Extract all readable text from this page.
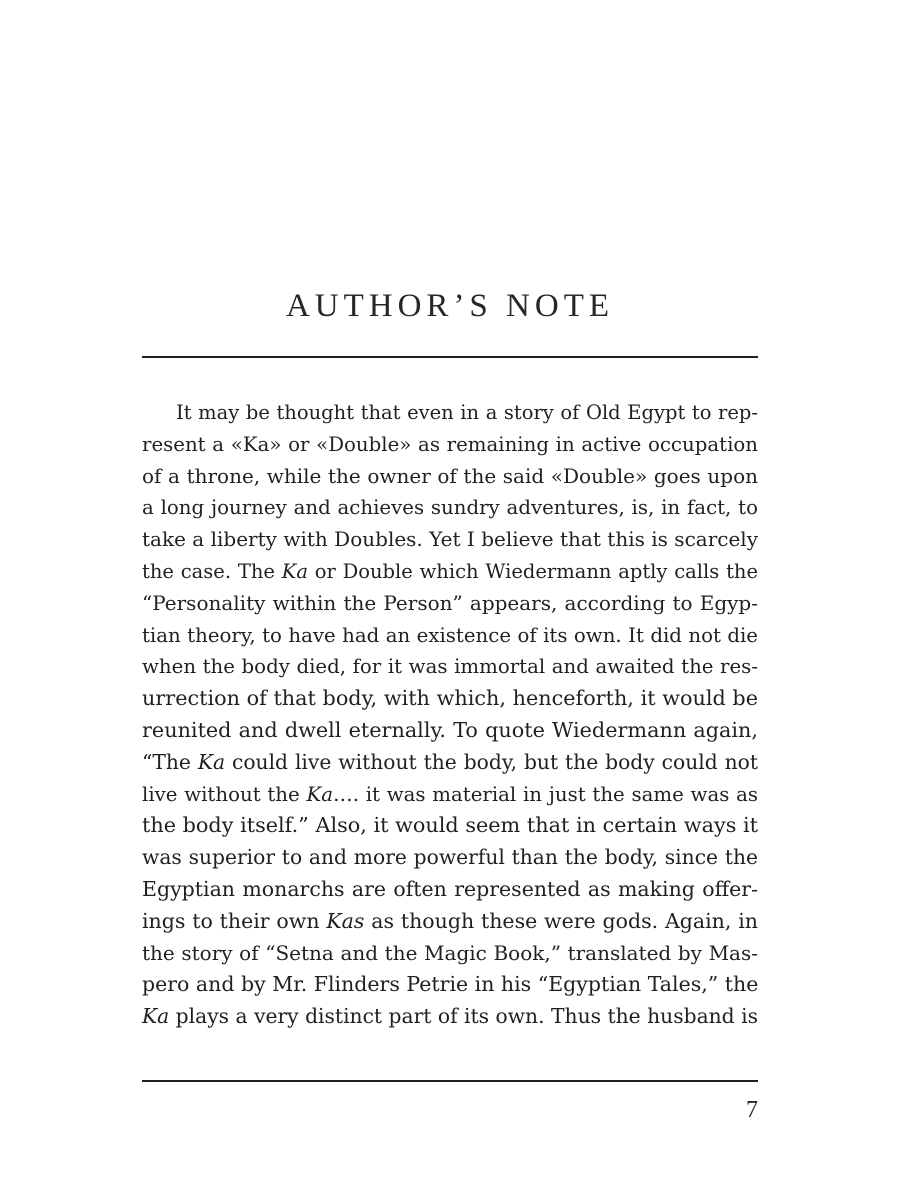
AUTHOR’S NOTE
It may be thought that even in a story of Old Egypt to rep-
resent a «Ka» or «Double» as remaining in active occupation
of a throne, while the owner of the said «Double» goes upon
a long journey and achieves sundry adventures, is, in fact, to
take a liberty with Doubles. Yet I believe that this is scarcely
the case. The Ka or Double which Wiedermann aptly calls the
“Personality within the Person” appears, according to Egyp-
tian theory, to have had an existence of its own. It did not die
when the body died, for it was immortal and awaited the res-
urrection of that body, with which, henceforth, it would be
reunited and dwell eternally. To quote Wiedermann again,
“The Ka could live without the body, but the body could not
live without the Ka…. it was material in just the same was as
the body itself.” Also, it would seem that in certain ways it
was superior to and more powerful than the body, since the
Egyptian monarchs are often represented as making offer-
ings to their own Kas as though these were gods. Again, in
the story of “Setna and the Magic Book,” translated by Mas-
pero and by Mr. Flinders Petrie in his “Egyptian Tales,” the
Ka plays a very distinct part of its own. Thus the husband is
7
